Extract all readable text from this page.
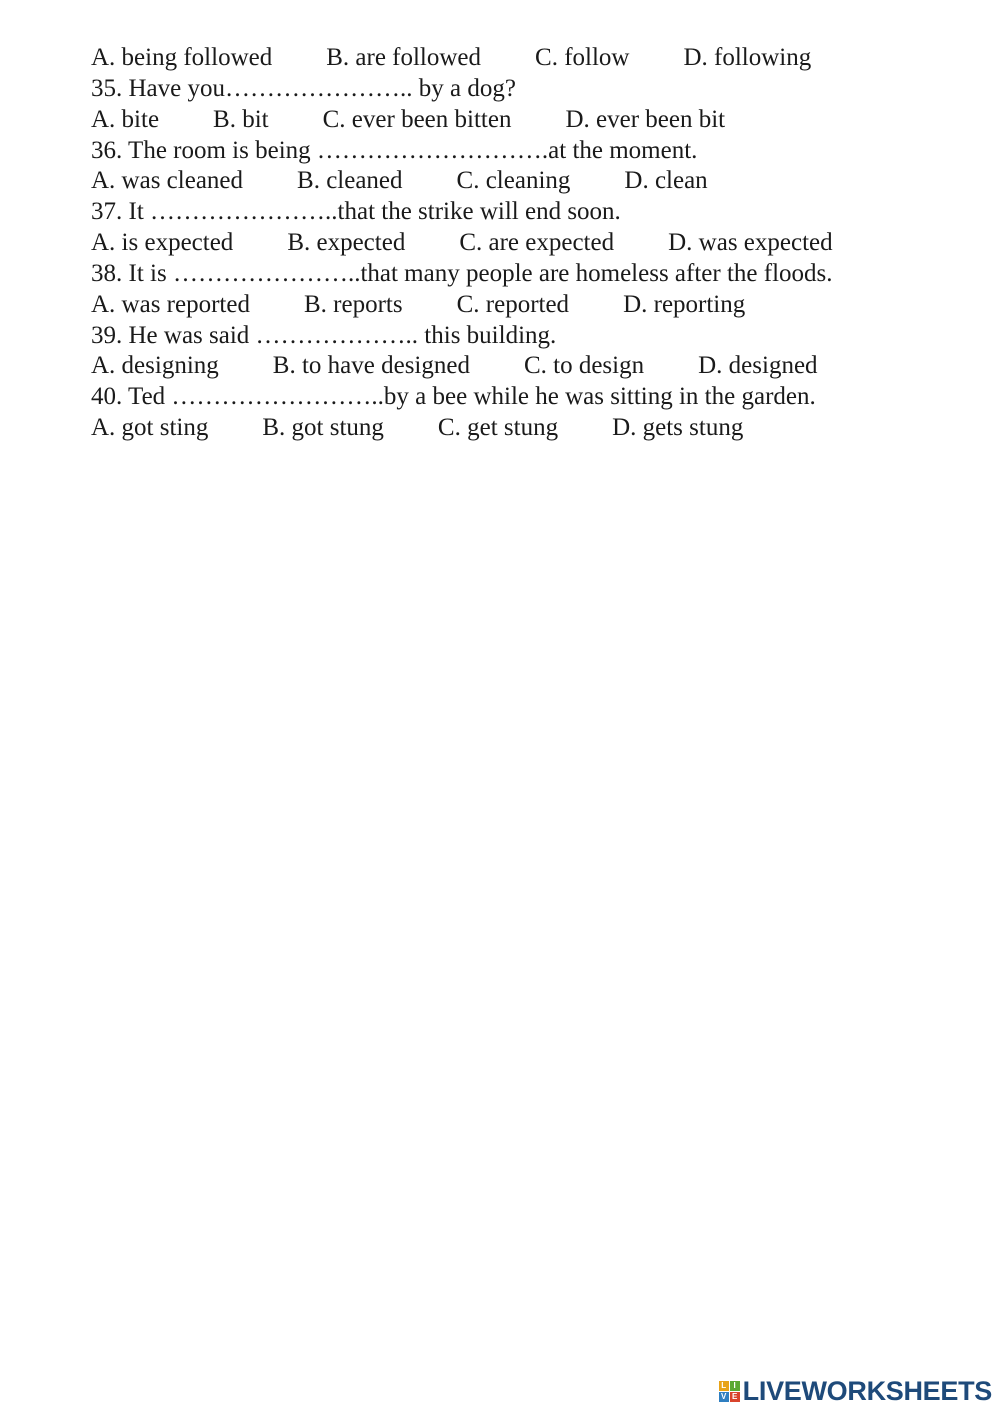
A. being followed B. are followed C. follow D. following
35. Have you………………….. by a dog?
A. bite B. bit C. ever been bitten D. ever been bit
36. The room is being ……………………….at the moment.
A. was cleaned B. cleaned C. cleaning D. clean
37. It …………………..that the strike will end soon.
A. is expected B. expected C. are expected D. was expected
38. It is …………………..that many people are homeless after the floods.
A. was reported B. reports C. reported D. reporting
39. He was said ……………….. this building.
A. designing B. to have designed C. to design D. designed
40. Ted ……………………..by a bee while he was sitting in the garden.
A. got sting B. got stung C. get stung D. gets stung
L I
V E LIVEWORKSHEETS
